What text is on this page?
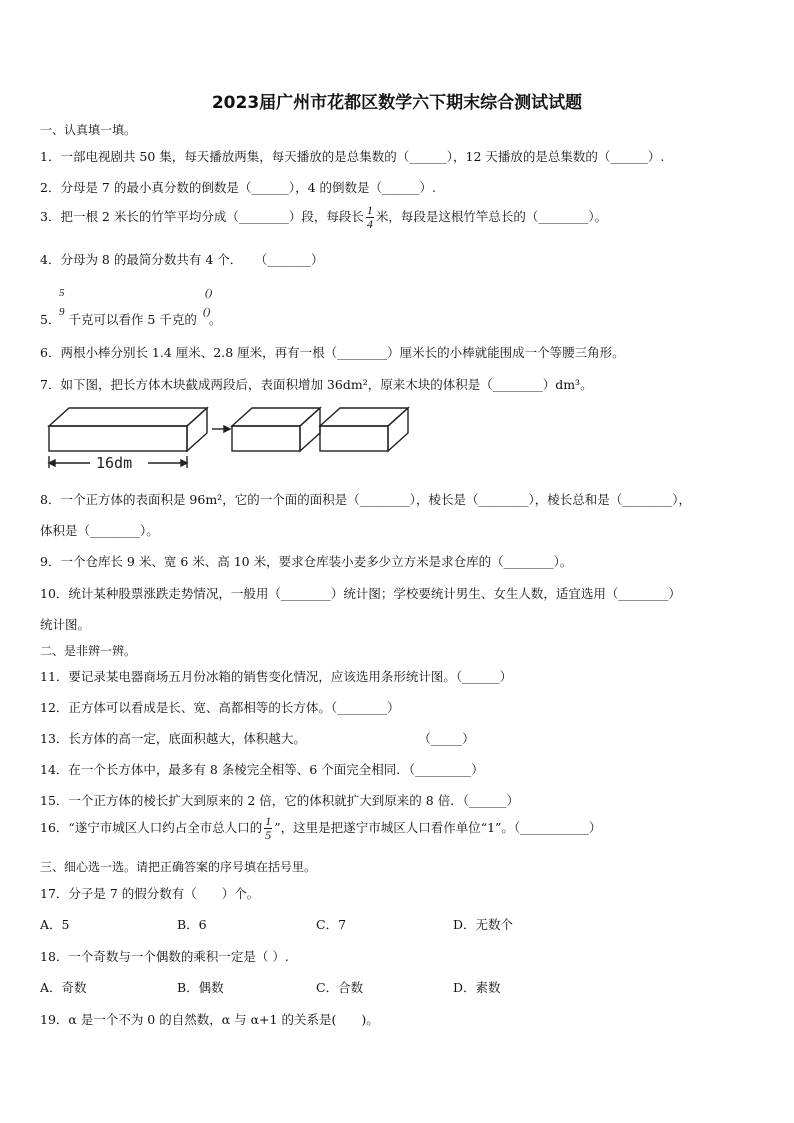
2023届广州市花都区数学六下期末综合测试试题
一、认真填一填。
1．一部电视剧共 50 集，每天播放两集，每天播放的是总集数的（______），12 天播放的是总集数的（______）.
2．分母是 7 的最小真分数的倒数是（______），4 的倒数是（______）.
3．把一根 2 米长的竹竿平均分成（________）段，每段长 $\frac{1}{4}$ 米，每段是这根竹竿总长的（________）。
4．分母为 8 的最简分数共有 4 个．　　（_______）
5
9
()
()
5． 千克可以看作 5 千克的 。
6．两根小棒分别长 1.4 厘米、2.8 厘米，再有一根（________）厘米长的小棒就能围成一个等腰三角形。
7．如下图，把长方体木块截成两段后，表面积增加 36dm²，原来木块的体积是（________）dm³。
16dm
8．一个正方体的表面积是 96m²，它的一个面的面积是（________），棱长是（________），棱长总和是（________），
体积是（________）。
9．一个仓库长 9 米、宽 6 米、高 10 米，要求仓库装小麦多少立方米是求仓库的（________）。
10．统计某种股票涨跌走势情况，一般用（________）统计图；学校要统计男生、女生人数，适宜选用（________）
统计图。
二、是非辨一辨。
11．要记录某电器商场五月份冰箱的销售变化情况，应该选用条形统计图。（______）
12．正方体可以看成是长、宽、高都相等的长方体。（________）
13．长方体的高一定，底面积越大，体积越大。　　　　　　　　　　（_____）
14．在一个长方体中，最多有 8 条棱完全相等、6 个面完全相同．（_________）
15．一个正方体的棱长扩大到原来的 2 倍，它的体积就扩大到原来的 8 倍．（______）
16．“遂宁市城区人口约占全市总人口的 $\frac{1}{5}$ ”，这里是把遂宁市城区人口看作单位“1”。（___________）
三、细心选一选。请把正确答案的序号填在括号里。
17．分子是 7 的假分数有（　　）个。
A．5	B．6	C．7	D．无数个
18．一个奇数与一个偶数的乘积一定是（ ）.
A．奇数	B．偶数	C．合数	D．素数
19．α 是一个不为 0 的自然数，α 与 α+1 的关系是(　　)。
